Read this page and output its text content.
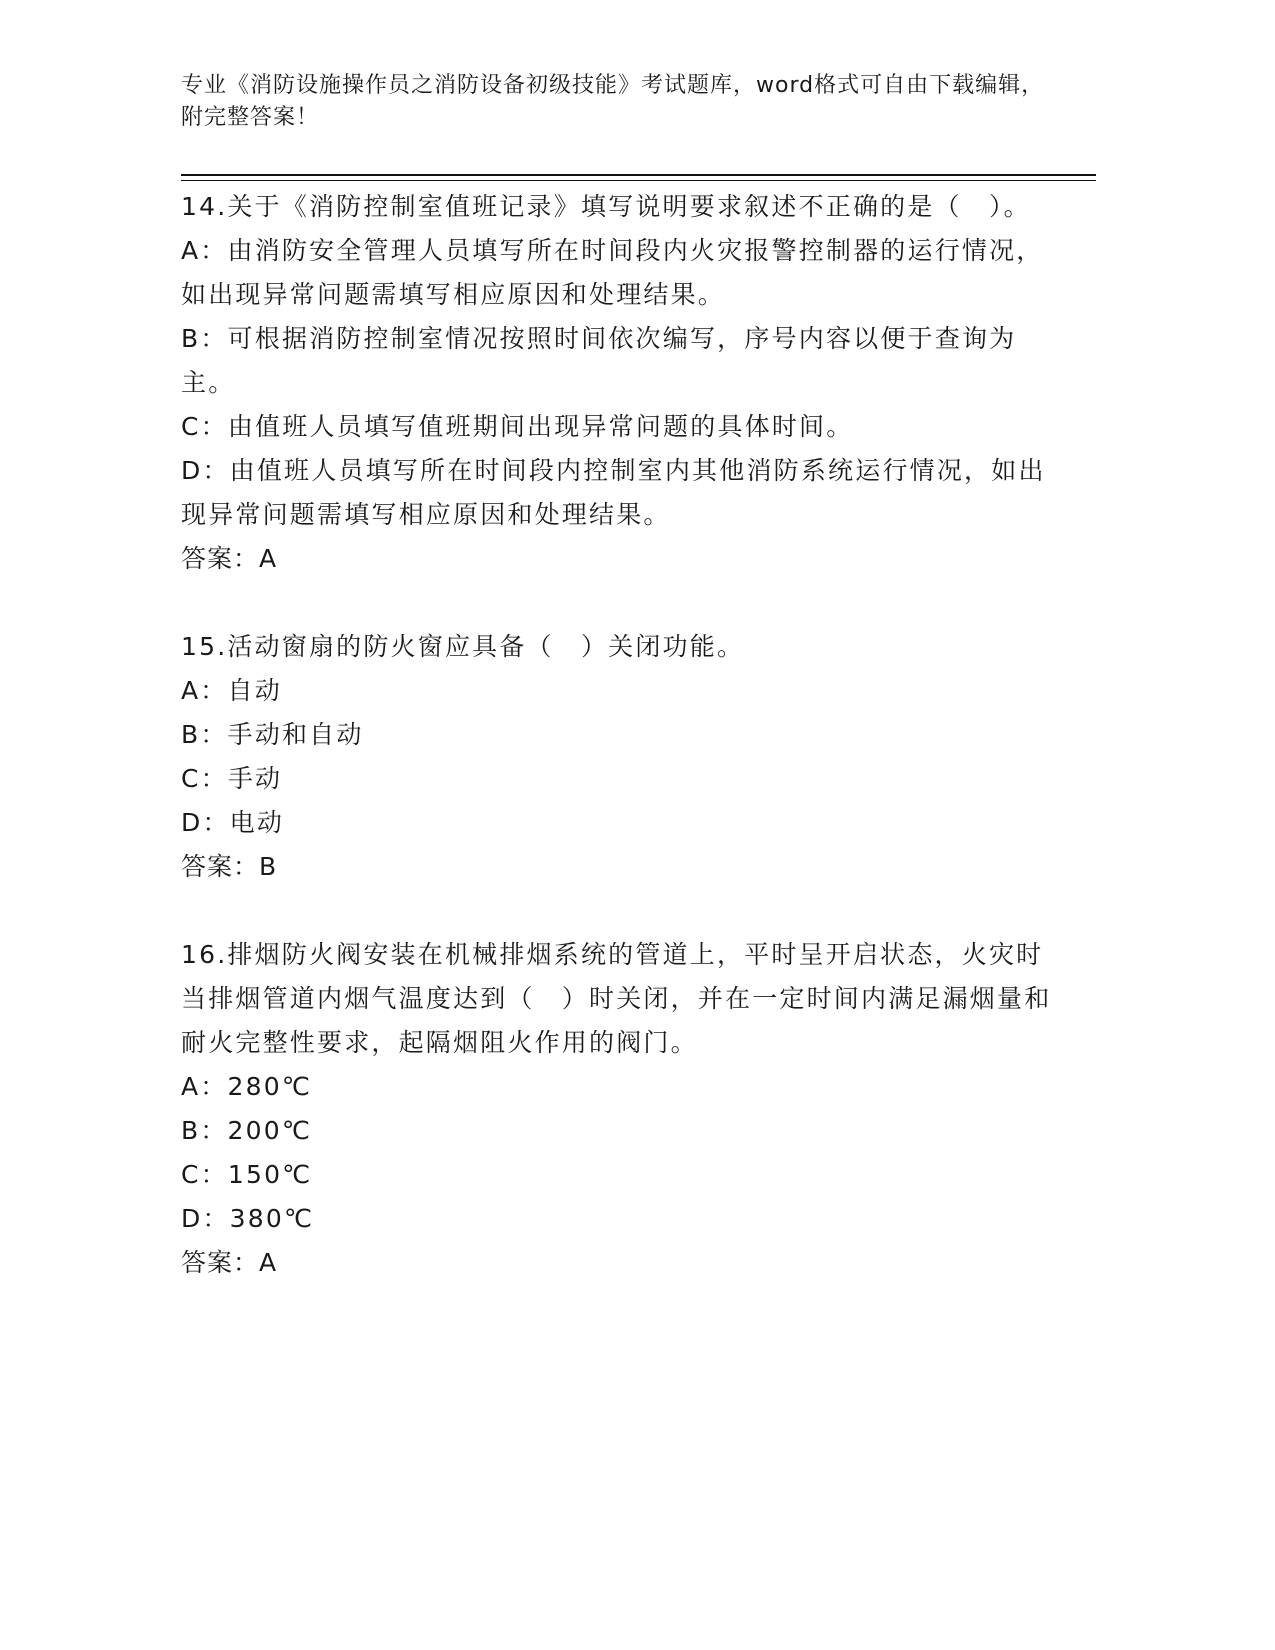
专业《消防设施操作员之消防设备初级技能》考试题库，word格式可自由下载编辑，附完整答案！

14.关于《消防控制室值班记录》填写说明要求叙述不正确的是（　）。

A：由消防安全管理人员填写所在时间段内火灾报警控制器的运行情况，如出现异常问题需填写相应原因和处理结果。

B：可根据消防控制室情况按照时间依次编写，序号内容以便于查询为主。

C：由值班人员填写值班期间出现异常问题的具体时间。

D：由值班人员填写所在时间段内控制室内其他消防系统运行情况，如出现异常问题需填写相应原因和处理结果。

答案：A

15.活动窗扇的防火窗应具备（　）关闭功能。

A：自动

B：手动和自动

C：手动

D：电动

答案：B

16.排烟防火阀安装在机械排烟系统的管道上，平时呈开启状态，火灾时当排烟管道内烟气温度达到（　）时关闭，并在一定时间内满足漏烟量和耐火完整性要求，起隔烟阻火作用的阀门。

A：280℃

B：200℃

C：150℃

D：380℃

答案：A
